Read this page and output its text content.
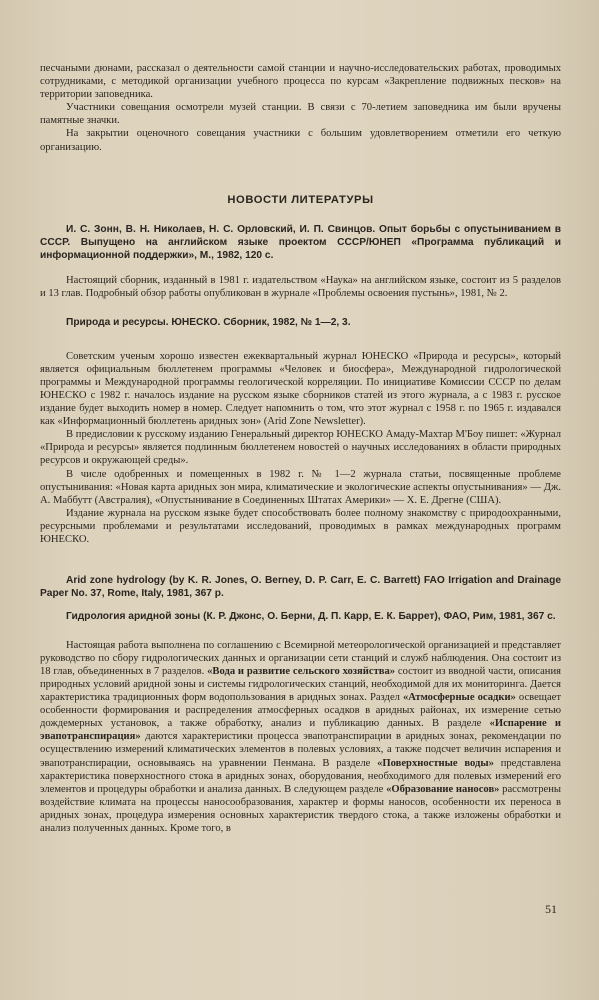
песчаными дюнами, рассказал о деятельности самой станции и научно-исследовательских работах, проводимых сотрудниками, с методикой организации учебного процесса по курсам «Закрепление подвижных песков» на территории заповедника.

Участники совещания осмотрели музей станции. В связи с 70-летием заповедника им были вручены памятные значки.

На закрытии оценочного совещания участники с большим удовлетворением отметили его четкую организацию.

НОВОСТИ ЛИТЕРАТУРЫ

И. С. Зонн, В. Н. Николаев, Н. С. Орловский, И. П. Свинцов. Опыт борьбы с опустыниванием в СССР. Выпущено на английском языке проектом СССР/ЮНЕП «Программа публикаций и информационной поддержки», М., 1982, 120 с.

Настоящий сборник, изданный в 1981 г. издательством «Наука» на английском языке, состоит из 5 разделов и 13 глав. Подробный обзор работы опубликован в журнале «Проблемы освоения пустынь», 1981, № 2.

Природа и ресурсы. ЮНЕСКО. Сборник, 1982, № 1—2, 3.

Советским ученым хорошо известен ежеквартальный журнал ЮНЕСКО «Природа и ресурсы», который является официальным бюллетенем программы «Человек и биосфера», Международной гидрологической программы и Международной программы геологической корреляции. По инициативе Комиссии СССР по делам ЮНЕСКО с 1982 г. началось издание на русском языке сборников статей из этого журнала, а с 1983 г. русское издание будет выходить номер в номер. Следует напомнить о том, что этот журнал с 1958 г. по 1965 г. издавался как «Информационный бюллетень аридных зон» (Arid Zone Newsletter).

В предисловии к русскому изданию Генеральный директор ЮНЕСКО Амаду-Махтар М'Боу пишет: «Журнал «Природа и ресурсы» является подлинным бюллетенем новостей о научных исследованиях в области природных ресурсов и окружающей среды».

В числе одобренных и помещенных в 1982 г. № 1—2 журнала статьи, посвященные проблеме опустынивания: «Новая карта аридных зон мира, климатические и экологические аспекты опустынивания» — Дж. А. Маббутт (Австралия), «Опустынивание в Соединенных Штатах Америки» — Х. Е. Дрегне (США).

Издание журнала на русском языке будет способствовать более полному знакомству с природоохранными, ресурсными проблемами и результатами исследований, проводимых в рамках международных программ ЮНЕСКО.

Arid zone hydrology (by K. R. Jones, O. Berney, D. P. Carr, E. C. Barrett) FAO Irrigation and Drainage Paper No. 37, Rome, Italy, 1981, 367 p.

Гидрология аридной зоны (К. Р. Джонс, О. Берни, Д. П. Карр, Е. К. Баррет), ФАО, Рим, 1981, 367 с.

Настоящая работа выполнена по соглашению с Всемирной метеорологической организацией и представляет руководство по сбору гидрологических данных и организации сети станций и служб наблюдения. Она состоит из 18 глав, объединенных в 7 разделов. «Вода и развитие сельского хозяйства» состоит из вводной части, описания природных условий аридной зоны и системы гидрологических станций, необходимой для их мониторинга. Дается характеристика традиционных форм водопользования в аридных зонах. Раздел «Атмосферные осадки» освещает особенности формирования и распределения атмосферных осадков в аридных районах, их измерение сетью дождемерных установок, а также обработку, анализ и публикацию данных. В разделе «Испарение и эвапотранспирация» даются характеристики процесса эвапотранспирации в аридных зонах, рекомендации по осуществлению измерений климатических элементов в полевых условиях, а также подсчет величин испарения и эвапотранспирации, основываясь на уравнении Пенмана. В разделе «Поверхностные воды» представлена характеристика поверхностного стока в аридных зонах, оборудования, необходимого для полевых измерений его элементов и процедуры обработки и анализа данных. В следующем разделе «Образование наносов» рассмотрены воздействие климата на процессы наносообразования, характер и формы наносов, особенности их переноса в аридных зонах, процедура измерения основных характеристик твердого стока, а также изложены обработки и анализ полученных данных. Кроме того, в

51
